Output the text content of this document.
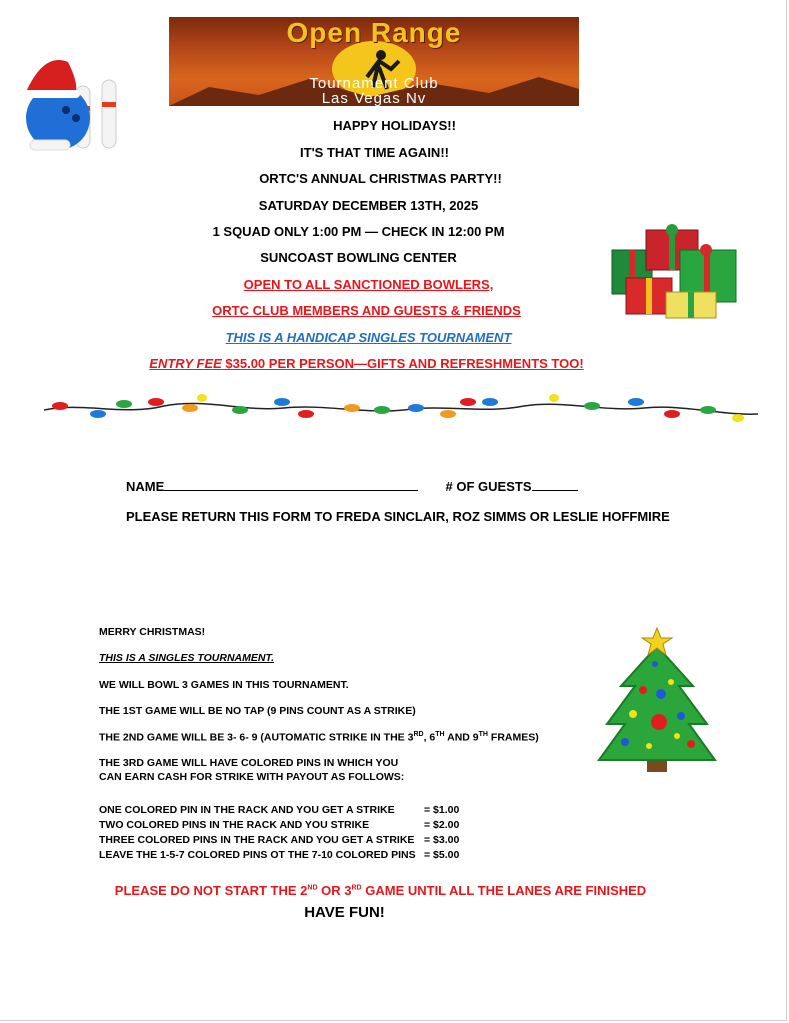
Open Range
Tournament Club
Las Vegas Nv
HAPPY HOLIDAYS!!
IT'S THAT TIME AGAIN!!
ORTC'S ANNUAL CHRISTMAS PARTY!!
SATURDAY DECEMBER 13TH, 2025
1 SQUAD ONLY 1:00 PM — CHECK IN 12:00 PM
SUNCOAST BOWLING CENTER
OPEN TO ALL SANCTIONED BOWLERS,
ORTC CLUB MEMBERS AND GUESTS & FRIENDS
THIS IS A HANDICAP SINGLES TOURNAMENT
ENTRY FEE $35.00 PER PERSON—GIFTS AND REFRESHMENTS TOO!
NAME	# OF GUESTS
PLEASE RETURN THIS FORM TO FREDA SINCLAIR, ROZ SIMMS OR LESLIE HOFFMIRE
MERRY CHRISTMAS!
THIS IS A SINGLES TOURNAMENT.
WE WILL BOWL 3 GAMES IN THIS TOURNAMENT.
THE 1ST GAME WILL BE NO TAP (9 PINS COUNT AS A STRIKE)
THE 2ND GAME WILL BE 3- 6- 9 (AUTOMATIC STRIKE IN THE 3RD, 6TH AND 9TH FRAMES)
THE 3RD GAME WILL HAVE COLORED PINS IN WHICH YOU
CAN EARN CASH FOR STRIKE WITH PAYOUT AS FOLLOWS:
ONE COLORED PIN IN THE RACK AND YOU GET A STRIKE	= $1.00
TWO COLORED PINS IN THE RACK AND YOU STRIKE	= $2.00
THREE COLORED PINS IN THE RACK AND YOU GET A STRIKE = $3.00
LEAVE THE 1-5-7 COLORED PINS OT THE 7-10 COLORED PINS = $5.00
PLEASE DO NOT START THE 2ND OR 3RD GAME UNTIL ALL THE LANES ARE FINISHED
HAVE FUN!
